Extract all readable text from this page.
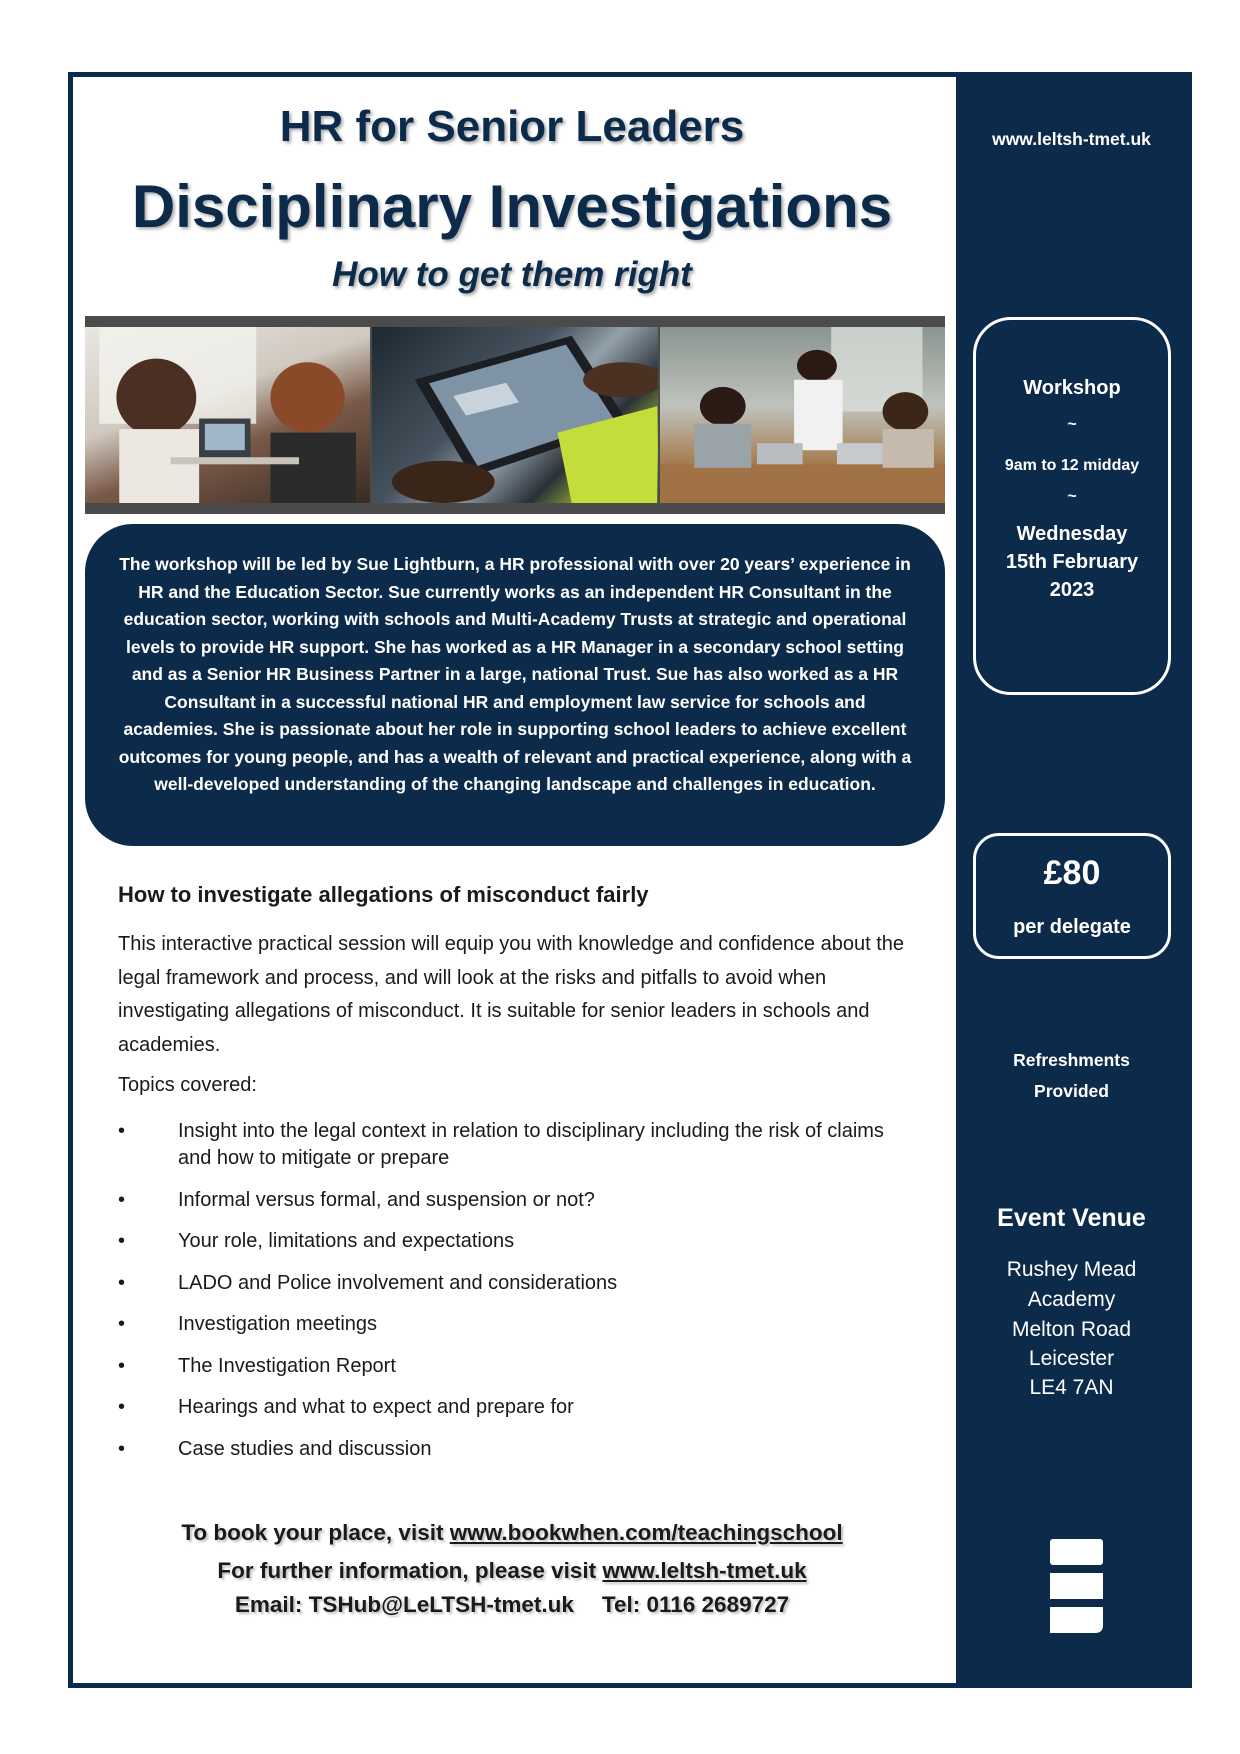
HR for Senior Leaders
Disciplinary Investigations
How to get them right
The workshop will be led by Sue Lightburn, a HR professional with over 20 years’ experience in HR and the Education Sector. Sue currently works as an independent HR Consultant in the education sector, working with schools and Multi-Academy Trusts at strategic and operational levels to provide HR support. She has worked as a HR Manager in a secondary school setting and as a Senior HR Business Partner in a large, national Trust. Sue has also worked as a HR Consultant in a successful national HR and employment law service for schools and academies. She is passionate about her role in supporting school leaders to achieve excellent outcomes for young people, and has a wealth of relevant and practical experience, along with a well-developed understanding of the changing landscape and challenges in education.
How to investigate allegations of misconduct fairly
This interactive practical session will equip you with knowledge and confidence about the legal framework and process, and will look at the risks and pitfalls to avoid when investigating allegations of misconduct. It is suitable for senior leaders in schools and academies.
Topics covered:
•	Insight into the legal context in relation to disciplinary including the risk of claims and how to mitigate or prepare
•	Informal versus formal, and suspension or not?
•	Your role, limitations and expectations
•	LADO and Police involvement and considerations
•	Investigation meetings
•	The Investigation Report
•	Hearings and what to expect and prepare for
•	Case studies and discussion
To book your place, visit www.bookwhen.com/teachingschool
For further information, please visit www.leltsh-tmet.uk
Email: TSHub@LeLTSH-tmet.uk Tel: 0116 2689727
www.leltsh-tmet.uk
Workshop
~
9am to 12 midday
~
Wednesday
15th February
2023
£80
per delegate
Refreshments
Provided
Event Venue
Rushey Mead
Academy
Melton Road
Leicester
LE4 7AN
